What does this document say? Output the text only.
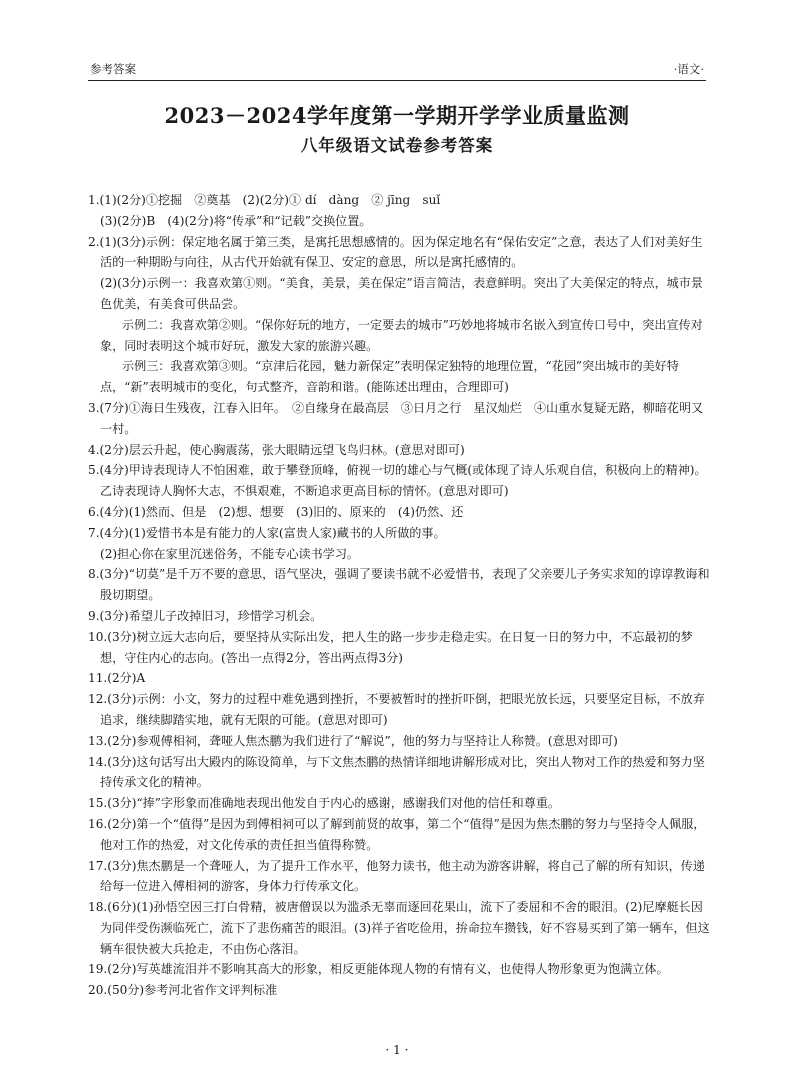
参考答案	·语文·
2023－2024学年度第一学期开学学业质量监测
八年级语文试卷参考答案
1.(1)(2分)①挖掘　②奠基　(2)(2分)① dí　dàng　② jīng　suǐ
(3)(2分)B　(4)(2分)将“传承”和“记载”交换位置。
2.(1)(3分)示例：保定地名属于第三类，是寓托思想感情的。因为保定地名有“保佑安定”之意，表达了人们对美好生活的一种期盼与向往，从古代开始就有保卫、安定的意思，所以是寓托感情的。
(2)(3分)示例一：我喜欢第①则。“美食，美景，美在保定”语言简洁，表意鲜明。突出了大美保定的特点，城市景色优美，有美食可供品尝。
示例二：我喜欢第②则。“保你好玩的地方，一定要去的城市”巧妙地将城市名嵌入到宣传口号中，突出宣传对象，同时表明这个城市好玩，激发大家的旅游兴趣。
示例三：我喜欢第③则。“京津后花园，魅力新保定”表明保定独特的地理位置，“花园”突出城市的美好特点，“新”表明城市的变化，句式整齐，音韵和谐。(能陈述出理由，合理即可)
3.(7分)①海日生残夜，江春入旧年。　②自缘身在最高层　③日月之行　星汉灿烂　④山重水复疑无路，柳暗花明又一村。
4.(2分)层云升起，使心胸震荡，张大眼睛远望飞鸟归林。(意思对即可)
5.(4分)甲诗表现诗人不怕困难，敢于攀登顶峰，俯视一切的雄心与气概(或体现了诗人乐观自信，积极向上的精神)。乙诗表现诗人胸怀大志，不惧艰难，不断追求更高目标的情怀。(意思对即可)
6.(4分)(1)然而、但是　(2)想、想要　(3)旧的、原来的　(4)仍然、还
7.(4分)(1)爱惜书本是有能力的人家(富贵人家)藏书的人所做的事。
(2)担心你在家里沉迷俗务，不能专心读书学习。
8.(3分)“切莫”是千万不要的意思，语气坚决，强调了要读书就不必爱惜书，表现了父亲要儿子务实求知的谆谆教诲和殷切期望。
9.(3分)希望儿子改掉旧习，珍惜学习机会。
10.(3分)树立远大志向后，要坚持从实际出发，把人生的路一步步走稳走实。在日复一日的努力中，不忘最初的梦想，守住内心的志向。(答出一点得2分，答出两点得3分)
11.(2分)A
12.(3分)示例：小文，努力的过程中难免遇到挫折，不要被暂时的挫折吓倒，把眼光放长远，只要坚定目标，不放弃追求，继续脚踏实地，就有无限的可能。(意思对即可)
13.(2分)参观傅相祠，聋哑人焦杰鹏为我们进行了“解说”，他的努力与坚持让人称赞。(意思对即可)
14.(3分)这句话写出大殿内的陈设简单，与下文焦杰鹏的热情详细地讲解形成对比，突出人物对工作的热爱和努力坚持传承文化的精神。
15.(3分)“捧”字形象而准确地表现出他发自于内心的感谢，感谢我们对他的信任和尊重。
16.(2分)第一个“值得”是因为到傅相祠可以了解到前贤的故事，第二个“值得”是因为焦杰鹏的努力与坚持令人佩服，他对工作的热爱，对文化传承的责任担当值得称赞。
17.(3分)焦杰鹏是一个聋哑人，为了提升工作水平，他努力读书，他主动为游客讲解，将自己了解的所有知识，传递给每一位进入傅相祠的游客，身体力行传承文化。
18.(6分)(1)孙悟空因三打白骨精，被唐僧误以为滥杀无辜而逐回花果山，流下了委屈和不舍的眼泪。(2)尼摩艇长因为同伴受伤濒临死亡，流下了悲伤痛苦的眼泪。(3)祥子省吃俭用，拚命拉车攒钱，好不容易买到了第一辆车，但这辆车很快被大兵抢走，不由伤心落泪。
19.(2分)写英雄流泪并不影响其高大的形象，相反更能体现人物的有情有义，也使得人物形象更为饱满立体。
20.(50分)参考河北省作文评判标准
· 1 ·
